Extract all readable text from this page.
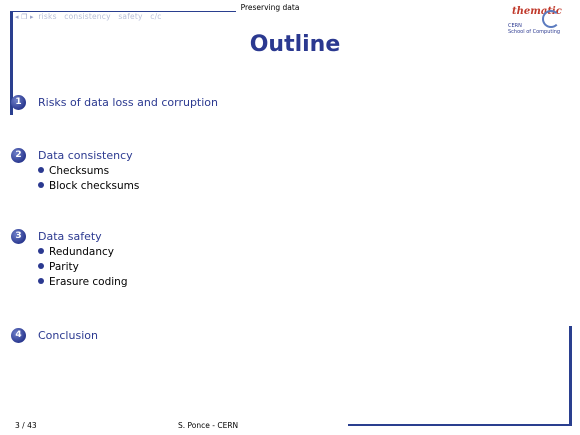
◂ ❐ ▸ risks consistency safety c/c
Preserving data	thematic
CERN
School of Computing
Outline
1	Risks of data loss and corruption
2	Data consistency
Checksums
Block checksums
3	Data safety
Redundancy
Parity
Erasure coding
4	Conclusion
3 / 43	S. Ponce - CERN
